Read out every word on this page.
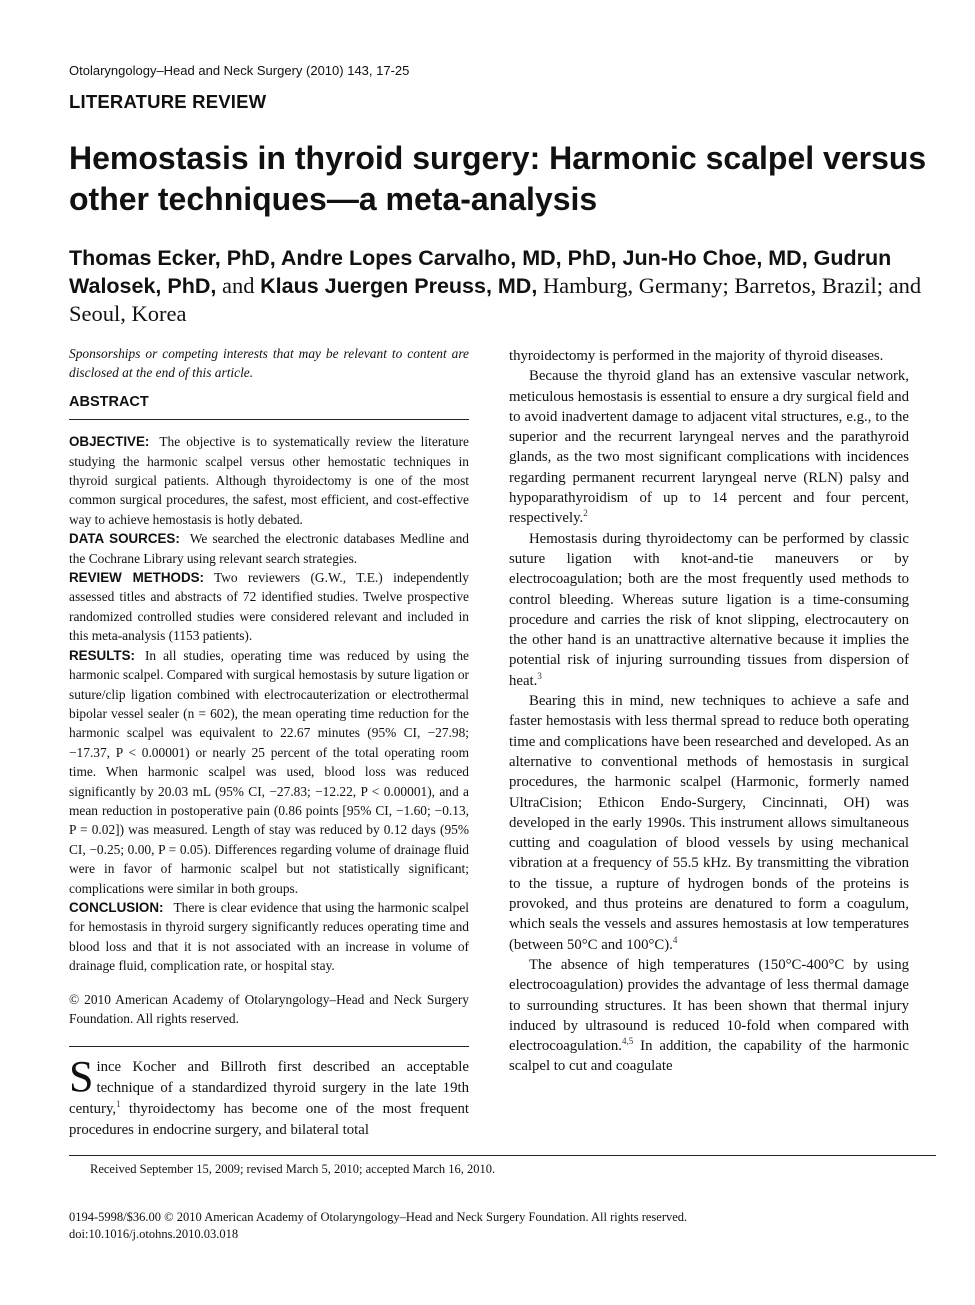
Otolaryngology–Head and Neck Surgery (2010) 143, 17-25
LITERATURE REVIEW
Hemostasis in thyroid surgery: Harmonic scalpel versus other techniques—a meta-analysis
Thomas Ecker, PhD, Andre Lopes Carvalho, MD, PhD, Jun-Ho Choe, MD, Gudrun Walosek, PhD, and Klaus Juergen Preuss, MD, Hamburg, Germany; Barretos, Brazil; and Seoul, Korea

Sponsorships or competing interests that may be relevant to content are disclosed at the end of this article.

ABSTRACT

OBJECTIVE: The objective is to systematically review the literature studying the harmonic scalpel versus other hemostatic techniques in thyroid surgical patients. Although thyroidectomy is one of the most common surgical procedures, the safest, most efficient, and cost-effective way to achieve hemostasis is hotly debated.

DATA SOURCES: We searched the electronic databases Medline and the Cochrane Library using relevant search strategies.

REVIEW METHODS: Two reviewers (G.W., T.E.) independently assessed titles and abstracts of 72 identified studies. Twelve prospective randomized controlled studies were considered relevant and included in this meta-analysis (1153 patients).

RESULTS: In all studies, operating time was reduced by using the harmonic scalpel. Compared with surgical hemostasis by suture ligation or suture/clip ligation combined with electrocauterization or electrothermal bipolar vessel sealer (n = 602), the mean operating time reduction for the harmonic scalpel was equivalent to 22.67 minutes (95% CI, −27.98; −17.37, P < 0.00001) or nearly 25 percent of the total operating room time. When harmonic scalpel was used, blood loss was reduced significantly by 20.03 mL (95% CI, −27.83; −12.22, P < 0.00001), and a mean reduction in postoperative pain (0.86 points [95% CI, −1.60; −0.13, P = 0.02]) was measured. Length of stay was reduced by 0.12 days (95% CI, −0.25; 0.00, P = 0.05). Differences regarding volume of drainage fluid were in favor of harmonic scalpel but not statistically significant; complications were similar in both groups.

CONCLUSION: There is clear evidence that using the harmonic scalpel for hemostasis in thyroid surgery significantly reduces operating time and blood loss and that it is not associated with an increase in volume of drainage fluid, complication rate, or hospital stay.

© 2010 American Academy of Otolaryngology–Head and Neck Surgery Foundation. All rights reserved.

Since Kocher and Billroth first described an acceptable technique of a standardized thyroid surgery in the late 19th century,$^1$ thyroidectomy has become one of the most frequent procedures in endocrine surgery, and bilateral total

thyroidectomy is performed in the majority of thyroid diseases.

Because the thyroid gland has an extensive vascular network, meticulous hemostasis is essential to ensure a dry surgical field and to avoid inadvertent damage to adjacent vital structures, e.g., to the superior and the recurrent laryngeal nerves and the parathyroid glands, as the two most significant complications with incidences regarding permanent recurrent laryngeal nerve (RLN) palsy and hypoparathyroidism of up to 14 percent and four percent, respectively.$^2$

Hemostasis during thyroidectomy can be performed by classic suture ligation with knot-and-tie maneuvers or by electrocoagulation; both are the most frequently used methods to control bleeding. Whereas suture ligation is a time-consuming procedure and carries the risk of knot slipping, electrocautery on the other hand is an unattractive alternative because it implies the potential risk of injuring surrounding tissues from dispersion of heat.$^3$

Bearing this in mind, new techniques to achieve a safe and faster hemostasis with less thermal spread to reduce both operating time and complications have been researched and developed. As an alternative to conventional methods of hemostasis in surgical procedures, the harmonic scalpel (Harmonic, formerly named UltraCision; Ethicon Endo-Surgery, Cincinnati, OH) was developed in the early 1990s. This instrument allows simultaneous cutting and coagulation of blood vessels by using mechanical vibration at a frequency of 55.5 kHz. By transmitting the vibration to the tissue, a rupture of hydrogen bonds of the proteins is provoked, and thus proteins are denatured to form a coagulum, which seals the vessels and assures hemostasis at low temperatures (between 50°C and 100°C).$^4$

The absence of high temperatures (150°C-400°C by using electrocoagulation) provides the advantage of less thermal damage to surrounding structures. It has been shown that thermal injury induced by ultrasound is reduced 10-fold when compared with electrocoagulation.$^{4,5}$ In addition, the capability of the harmonic scalpel to cut and coagulate

Received September 15, 2009; revised March 5, 2010; accepted March 16, 2010.
0194-5998/$36.00 © 2010 American Academy of Otolaryngology–Head and Neck Surgery Foundation. All rights reserved.
doi:10.1016/j.otohns.2010.03.018
